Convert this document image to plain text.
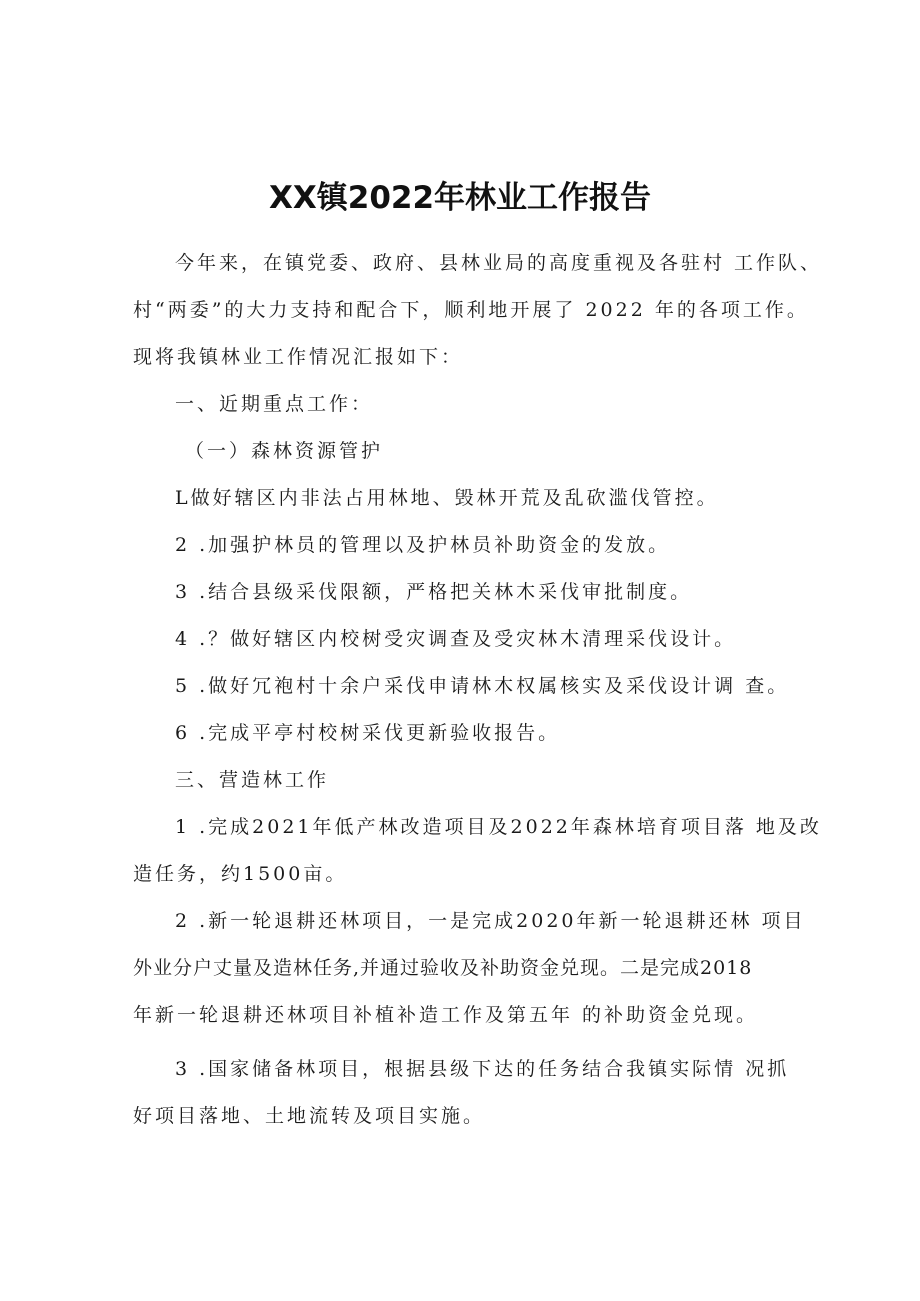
XX镇2022年林业工作报告
今年来，在镇党委、政府、县林业局的高度重视及各驻村 工作队、
村“两委”的大力支持和配合下，顺利地开展了 2022 年的各项工作。
现将我镇林业工作情况汇报如下：
一、近期重点工作：
（一）森林资源管护
L做好辖区内非法占用林地、毁林开荒及乱砍滥伐管控。
2 .加强护林员的管理以及护林员补助资金的发放。
3 .结合县级采伐限额，严格把关林木采伐审批制度。
4 .？做好辖区内校树受灾调查及受灾林木清理采伐设计。
5 .做好冗袍村十余户采伐申请林木权属核实及采伐设计调 查。
6 .完成平亭村校树采伐更新验收报告。
三、营造林工作
1 .完成2021年低产林改造项目及2022年森林培育项目落 地及改
造任务，约1500亩。
2 .新一轮退耕还林项目，一是完成2020年新一轮退耕还林 项目
外业分户丈量及造林任务,并通过验收及补助资金兑现。二是完成2018
年新一轮退耕还林项目补植补造工作及第五年 的补助资金兑现。
3 .国家储备林项目，根据县级下达的任务结合我镇实际情 况抓
好项目落地、土地流转及项目实施。
